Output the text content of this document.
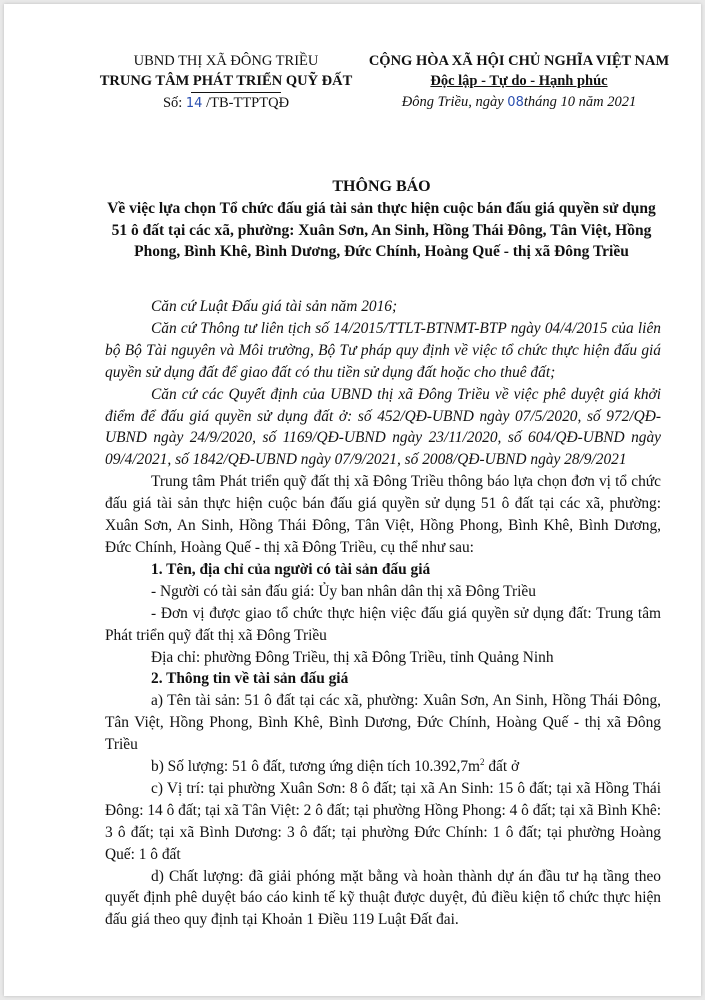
UBND THỊ XÃ ĐÔNG TRIỀU
TRUNG TÂM PHÁT TRIỂN QUỸ ĐẤT
Số: 14 /TB-TTPTQĐ
CỘNG HÒA XÃ HỘI CHỦ NGHĨA VIỆT NAM
Độc lập - Tự do - Hạnh phúc
Đông Triều, ngày 08tháng 10 năm 2021
THÔNG BÁO
Về việc lựa chọn Tổ chức đấu giá tài sản thực hiện cuộc bán đấu giá quyền sử dụng 51 ô đất tại các xã, phường: Xuân Sơn, An Sinh, Hồng Thái Đông, Tân Việt, Hồng Phong, Bình Khê, Bình Dương, Đức Chính, Hoàng Quế - thị xã Đông Triều

Căn cứ Luật Đấu giá tài sản năm 2016;

Căn cứ Thông tư liên tịch số 14/2015/TTLT-BTNMT-BTP ngày 04/4/2015 của liên bộ Bộ Tài nguyên và Môi trường, Bộ Tư pháp quy định về việc tổ chức thực hiện đấu giá quyền sử dụng đất để giao đất có thu tiền sử dụng đất hoặc cho thuê đất;

Căn cứ các Quyết định của UBND thị xã Đông Triều về việc phê duyệt giá khởi điểm để đấu giá quyền sử dụng đất ở: số 452/QĐ-UBND ngày 07/5/2020, số 972/QĐ-UBND ngày 24/9/2020, số 1169/QĐ-UBND ngày 23/11/2020, số 604/QĐ-UBND ngày 09/4/2021, số 1842/QĐ-UBND ngày 07/9/2021, số 2008/QĐ-UBND ngày 28/9/2021

Trung tâm Phát triển quỹ đất thị xã Đông Triều thông báo lựa chọn đơn vị tổ chức đấu giá tài sản thực hiện cuộc bán đấu giá quyền sử dụng 51 ô đất tại các xã, phường: Xuân Sơn, An Sinh, Hồng Thái Đông, Tân Việt, Hồng Phong, Bình Khê, Bình Dương, Đức Chính, Hoàng Quế - thị xã Đông Triều, cụ thể như sau:

1. Tên, địa chỉ của người có tài sản đấu giá

- Người có tài sản đấu giá: Ủy ban nhân dân thị xã Đông Triều

- Đơn vị được giao tổ chức thực hiện việc đấu giá quyền sử dụng đất: Trung tâm Phát triển quỹ đất thị xã Đông Triều

Địa chỉ: phường Đông Triều, thị xã Đông Triều, tỉnh Quảng Ninh

2. Thông tin về tài sản đấu giá

a) Tên tài sản: 51 ô đất tại các xã, phường: Xuân Sơn, An Sinh, Hồng Thái Đông, Tân Việt, Hồng Phong, Bình Khê, Bình Dương, Đức Chính, Hoàng Quế - thị xã Đông Triều

b) Số lượng: 51 ô đất, tương ứng diện tích $10.392,7m^2$ đất ở

c) Vị trí: tại phường Xuân Sơn: 8 ô đất; tại xã An Sinh: 15 ô đất; tại xã Hồng Thái Đông: 14 ô đất; tại xã Tân Việt: 2 ô đất; tại phường Hồng Phong: 4 ô đất; tại xã Bình Khê: 3 ô đất; tại xã Bình Dương: 3 ô đất; tại phường Đức Chính: 1 ô đất; tại phường Hoàng Quế: 1 ô đất

d) Chất lượng: đã giải phóng mặt bằng và hoàn thành dự án đầu tư hạ tầng theo quyết định phê duyệt báo cáo kinh tế kỹ thuật được duyệt, đủ điều kiện tổ chức thực hiện đấu giá theo quy định tại Khoản 1 Điều 119 Luật Đất đai.
